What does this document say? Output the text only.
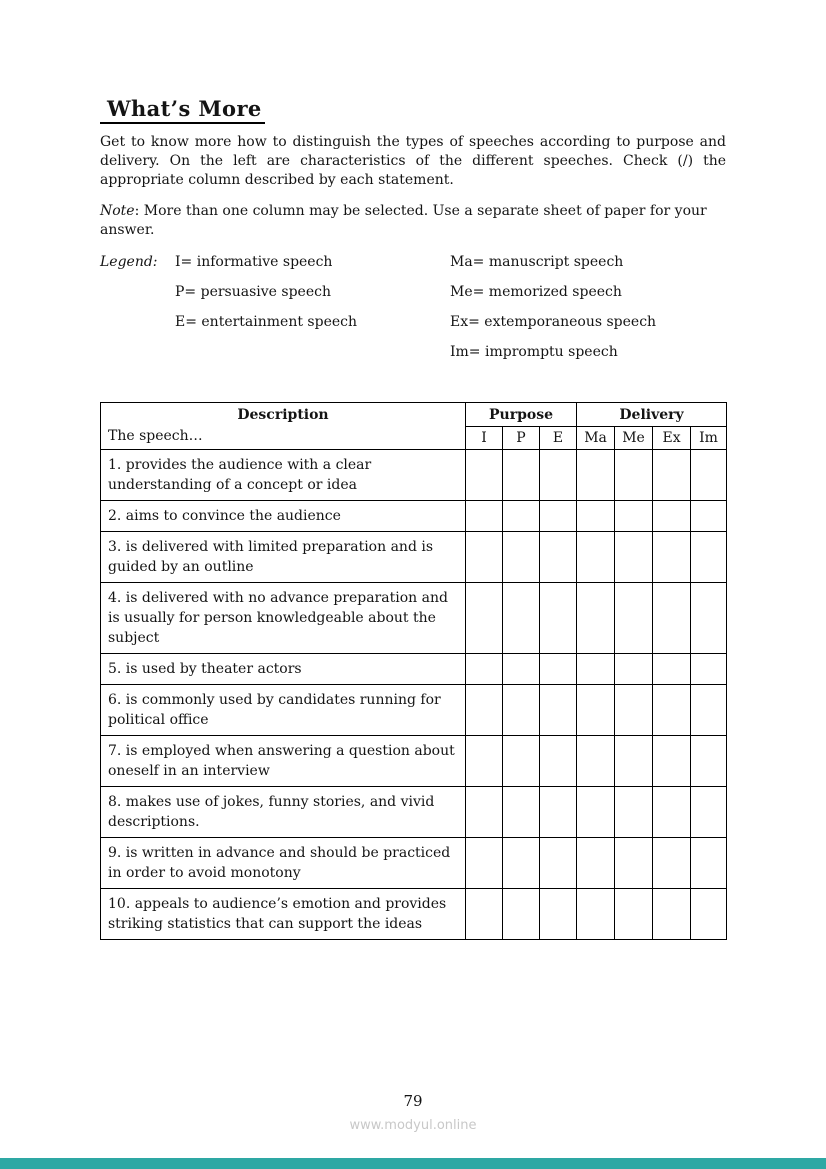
What’s More

Get to know more how to distinguish the types of speeches according to purpose and delivery. On the left are characteristics of the different speeches. Check (/) the appropriate column described by each statement.

Note: More than one column may be selected. Use a separate sheet of paper for your answer.

Legend:	I= informative speech	Ma= manuscript speech
P= persuasive speech	Me= memorized speech
E= entertainment speech	Ex= extemporaneous speech
Im= impromptu speech
Description
The speech…	Purpose			Delivery			
	I	P	E	Ma	Me	Ex	Im
1. provides the audience with a clear understanding of a concept or idea							
2. aims to convince the audience							
3. is delivered with limited preparation and is guided by an outline							
4. is delivered with no advance preparation and is usually for person knowledgeable about the subject							
5. is used by theater actors							
6. is commonly used by candidates running for political office							
7. is employed when answering a question about oneself in an interview							
8. makes use of jokes, funny stories, and vivid descriptions.							
9. is written in advance and should be practiced in order to avoid monotony							
10. appeals to audience’s emotion and provides striking statistics that can support the ideas							
79
www.modyul.online
